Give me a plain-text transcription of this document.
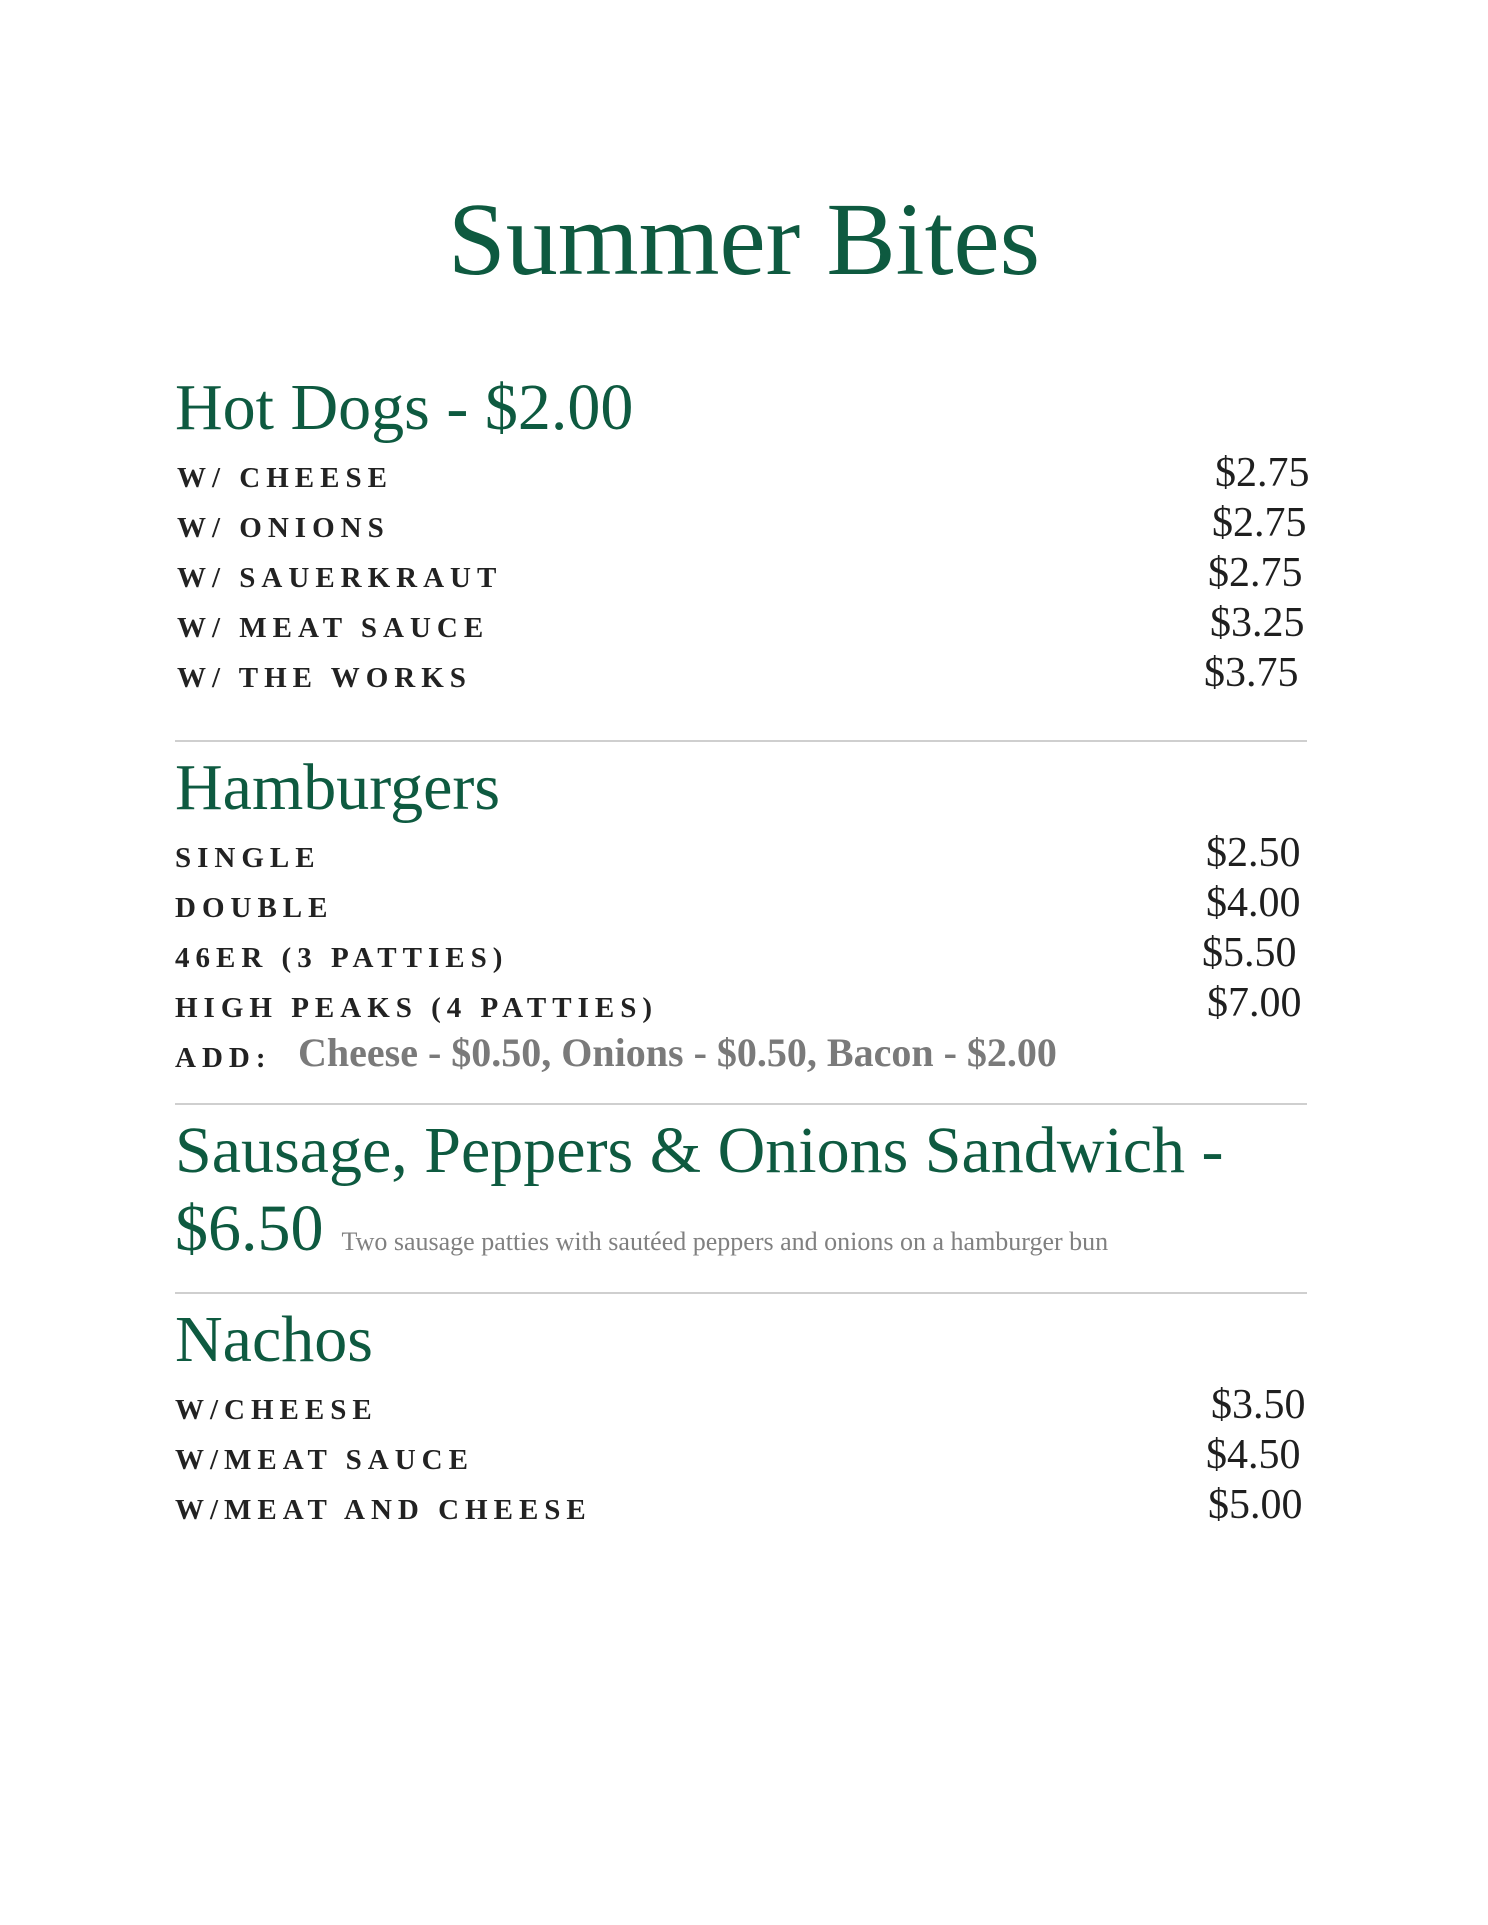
Summer Bites
Hot Dogs - $2.00
W/ CHEESE	$2.75
W/ ONIONS	$2.75
W/ SAUERKRAUT	$2.75
W/ MEAT SAUCE	$3.25
W/ THE WORKS	$3.75
Hamburgers
SINGLE	$2.50
DOUBLE	$4.00
46ER (3 PATTIES)	$5.50
HIGH PEAKS (4 PATTIES)	$7.00
ADD: Cheese - $0.50, Onions - $0.50, Bacon - $2.00
Sausage, Peppers & Onions Sandwich -
$6.50 Two sausage patties with sautéed peppers and onions on a hamburger bun
Nachos
W/CHEESE	$3.50
W/MEAT SAUCE	$4.50
W/MEAT AND CHEESE	$5.00
